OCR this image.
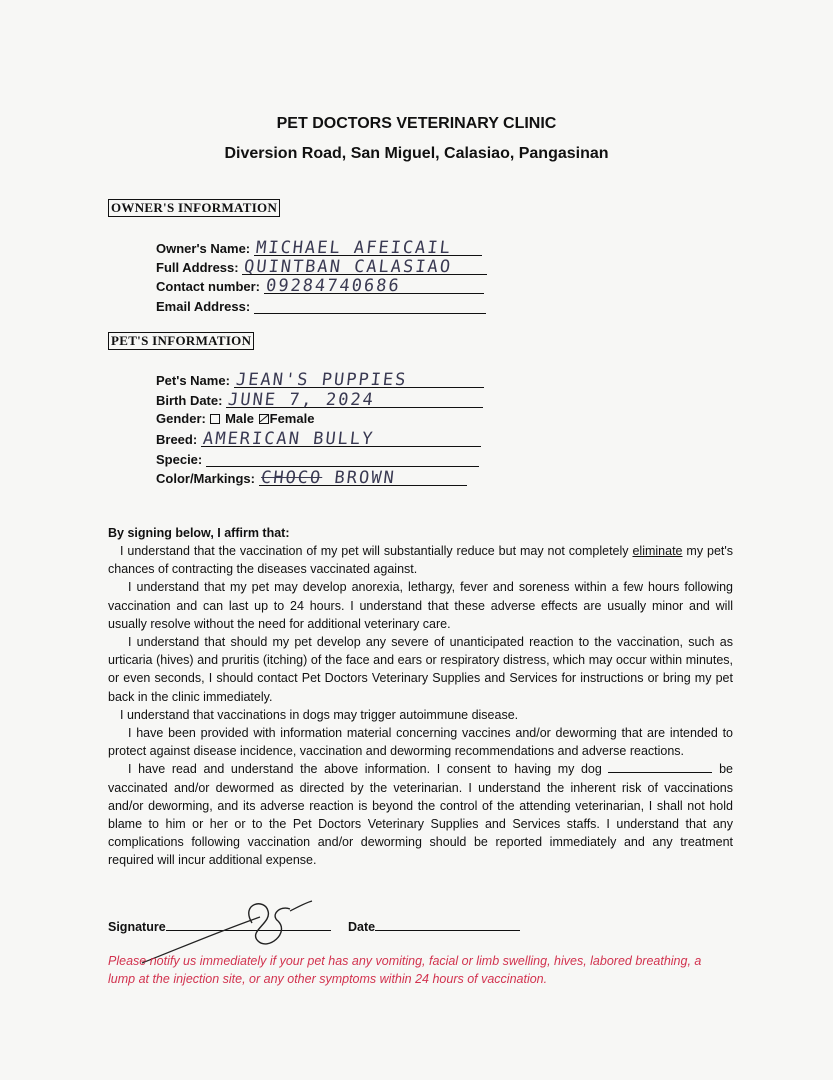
PET DOCTORS VETERINARY CLINIC
Diversion Road, San Miguel, Calasiao, Pangasinan
OWNER'S INFORMATION
Owner's Name: MICHAEL AFEICAIL
Full Address: QUINTBAN CALASIAO
Contact number: 09284740686
Email Address:
PET'S INFORMATION
Pet's Name: JEAN'S PUPPIES
Birth Date: JUNE 7, 2024
Gender: Male Female
Breed: AMERICAN BULLY
Specie:
Color/Markings: CHOCO BROWN
By signing below, I affirm that:

I understand that the vaccination of my pet will substantially reduce but may not completely eliminate my pet's chances of contracting the diseases vaccinated against.

I understand that my pet may develop anorexia, lethargy, fever and soreness within a few hours following vaccination and can last up to 24 hours. I understand that these adverse effects are usually minor and will usually resolve without the need for additional veterinary care.

I understand that should my pet develop any severe of unanticipated reaction to the vaccination, such as urticaria (hives) and pruritis (itching) of the face and ears or respiratory distress, which may occur within minutes, or even seconds, I should contact Pet Doctors Veterinary Supplies and Services for instructions or bring my pet back in the clinic immediately.

I understand that vaccinations in dogs may trigger autoimmune disease.

I have been provided with information material concerning vaccines and/or deworming that are intended to protect against disease incidence, vaccination and deworming recommendations and adverse reactions.

I have read and understand the above information. I consent to having my dog	be vaccinated and/or dewormed as directed by the veterinarian. I understand the inherent risk of vaccinations and/or deworming, and its adverse reaction is beyond the control of the attending veterinarian, I shall not hold blame to him or her or to the Pet Doctors Veterinary Supplies and Services staffs. I understand that any complications following vaccination and/or deworming should be reported immediately and any treatment required will incur additional expense.

Signature	Date
Please notify us immediately if your pet has any vomiting, facial or limb swelling, hives, labored breathing, a lump at the injection site, or any other symptoms within 24 hours of vaccination.
